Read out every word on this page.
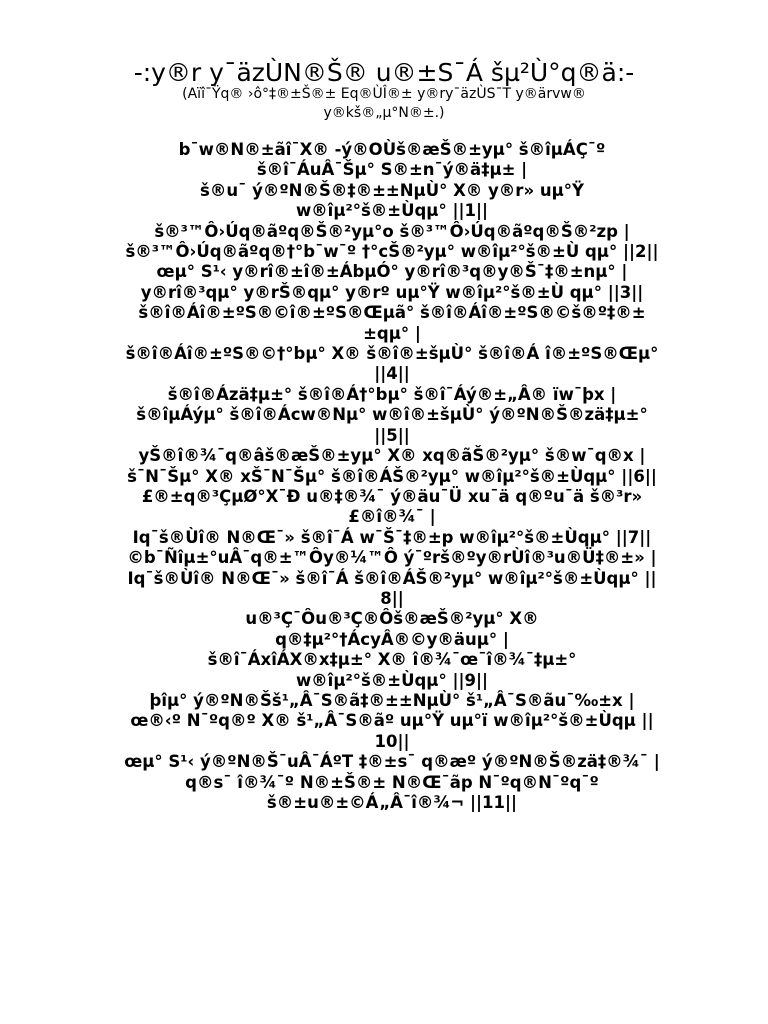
-:y®r y¯äzÙN®Š® u®±S¯Á šµ²Ù°q®ä:-
(Aïî¯Ÿq® ›ô°‡®±Š®± Eq®ÙÎ®± y®ry¯äzÙS¯T y®ärvw®
y®kš®„µ°N®±.)

b¯w®N®±ãî¯X® -ý®OÙš®æŠ®±yµ° š®îµÁÇ¯º

š®î¯ÁuÂ¯Šµ° S®±n¯ý®ä‡µ± |

š®u¯ ý®ºN®Š®‡®±±NµÙ° X® y®r» uµ°Ÿ

w®îµ²°š®±Ùqµ° ||1||

š®³™Ô›Úq®ãºq®Š®²yµ°o š®³™Ô›Úq®ãºq®Š®²zp |

š®³™Ô›Úq®ãºq®†°b¯w¯º †°cŠ®²yµ° w®îµ²°š®±Ù qµ° ||2||

œµ° S¹‹ y®rî®±î®±ÁbµÓ° y®rî®³q®y®Š¯‡®±nµ° |

y®rî®³qµ° y®rŠ®qµ° y®rº uµ°Ÿ w®îµ²°š®±Ù qµ° ||3||

š®î®Áî®±ºS®©î®±ºS®Œµã° š®î®Áî®±ºS®©š®º‡®±

±qµ° |

š®î®Áî®±ºS®©†°bµ° X® š®î®±šµÙ° š®î®Á î®±ºS®Œµ°

||4||

š®î®Ázä‡µ±° š®î®Á†°bµ° š®î¯Áý®±„Â® ïw¯þx |

š®îµÁýµ° š®î®Ácw®Nµ° w®î®±šµÙ° ý®ºN®Š®zä‡µ±°

||5||

yŠ®î®¾¯q®âš®æŠ®±yµ° X® xq®ãŠ®²yµ° š®w¯q®x |

š¯N¯Šµ° X® xŠ¯N¯Šµ° š®î®ÁŠ®²yµ° w®îµ²°š®±Ùqµ° ||6||

£®±q®³ÇµØ°X¯Ð u®‡®¾¯ ý®äu¯Ü xu¯ä q®ºu¯ä š®³r»

£®î®¾¯ |

Iq¯š®Ùî® N®Œ¯» š®î¯Á w¯Š¯‡®±p w®îµ²°š®±Ùqµ° ||7||

©b¯Ñîµ±°uÂ¯q®±™Ôy®¼™Ô ý¯ºrš®ºy®rÙî®³u®Ü‡®±» |

Iq¯š®Ùî® N®Œ¯» š®î¯Á š®î®ÁŠ®²yµ° w®îµ²°š®±Ùqµ° ||

8||

u®³Ç¯Ôu®³Ç®Ôš®æŠ®²yµ° X®

q®‡µ²°†ÁcyÂ®©y®äuµ° |

š®î¯ÁxîÁX®x‡µ±° X® î®¾¯œ¯î®¾¯‡µ±°

w®îµ²°š®±Ùqµ° ||9||

þîµ° ý®ºN®Šš¹„Â¯S®ã‡®±±NµÙ° š¹„Â¯S®ãu¯‰±x |

œ®‹º N¯ºq®º X® š¹„Â¯S®ãº uµ°Ÿ uµ°ï w®îµ²°š®±Ùqµ ||

10||

œµ° S¹‹ ý®ºN®Š¯uÂ¯ÁºT ‡®±s¯ q®æº ý®ºN®Š®zä‡®¾¯ |

q®s¯ î®¾¯º N®±Š®± N®Œ¯ãp N¯ºq®N¯ºq¯º

š®±u®±©Á„Â¯î®¾¬ ||11||
